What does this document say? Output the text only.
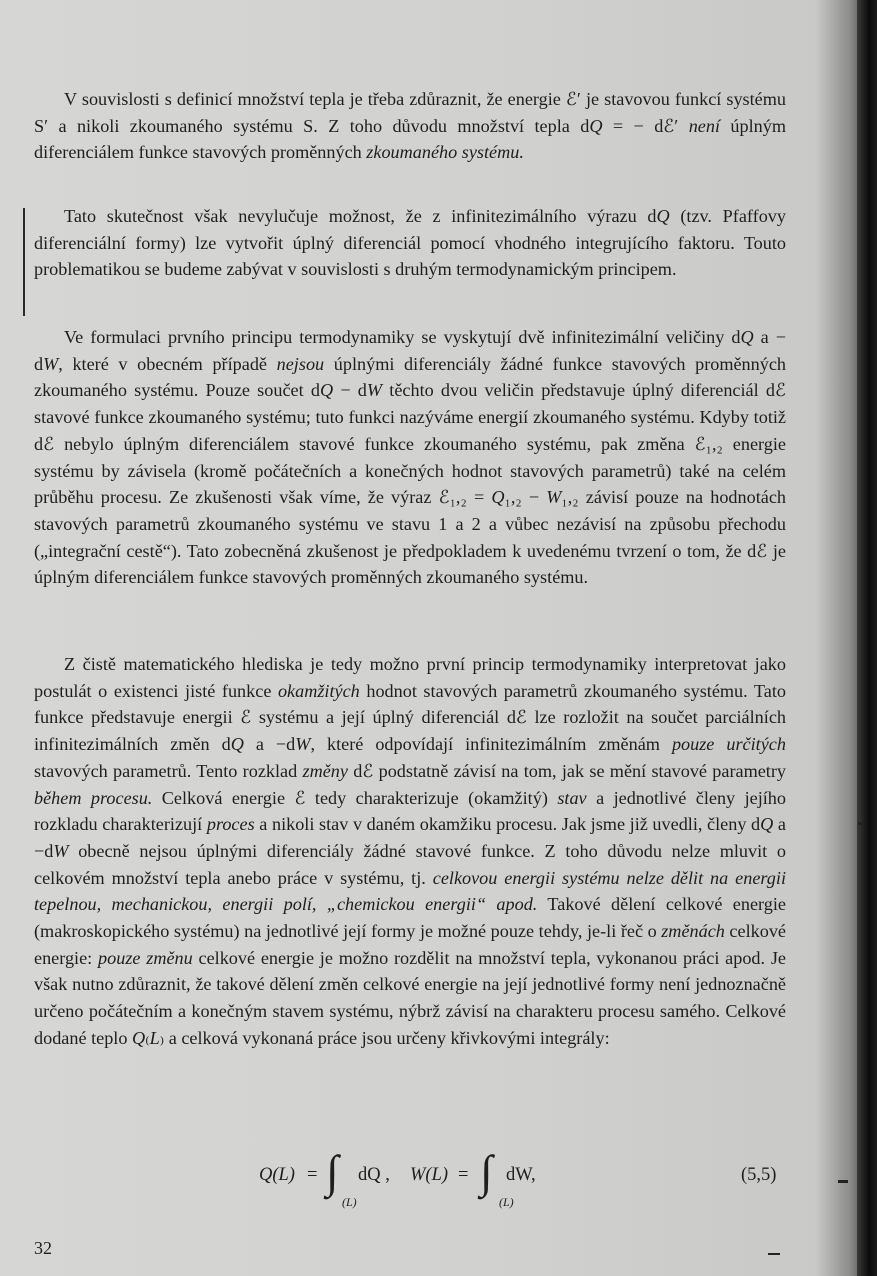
V souvislosti s definicí množství tepla je třeba zdůraznit, že energie ℰ′ je stavovou funkcí systému S′ a nikoli zkoumaného systému S. Z toho důvodu množství tepla dQ = − dℰ′ není úplným diferenciálem funkce stavových proměnných zkoumaného systému.

Tato skutečnost však nevylučuje možnost, že z infinitezimálního výrazu dQ (tzv. Pfaffovy diferenciální formy) lze vytvořit úplný diferenciál pomocí vhodného integrujícího faktoru. Touto problematikou se budeme zabývat v souvislosti s druhým termodynamickým principem.

Ve formulaci prvního principu termodynamiky se vyskytují dvě infinitezimální veličiny dQ a − dW, které v obecném případě nejsou úplnými diferenciály žádné funkce stavových proměnných zkoumaného systému. Pouze součet dQ − dW těchto dvou veličin představuje úplný diferenciál dℰ stavové funkce zkoumaného systému; tuto funkci nazýváme energií zkoumaného systému. Kdyby totiž dℰ nebylo úplným diferenciálem stavové funkce zkoumaného systému, pak změna ℰ₁,₂ energie systému by závisela (kromě počátečních a konečných hodnot stavových parametrů) také na celém průběhu procesu. Ze zkušenosti však víme, že výraz ℰ₁,₂ = Q₁,₂ − W₁,₂ závisí pouze na hodnotách stavových parametrů zkoumaného systému ve stavu 1 a 2 a vůbec nezávisí na způsobu přechodu („integrační cestě“). Tato zobecněná zkušenost je předpokladem k uvedenému tvrzení o tom, že dℰ je úplným diferenciálem funkce stavových proměnných zkoumaného systému.

Z čistě matematického hlediska je tedy možno první princip termodynamiky interpretovat jako postulát o existenci jisté funkce okamžitých hodnot stavových parametrů zkoumaného systému. Tato funkce představuje energii ℰ systému a její úplný diferenciál dℰ lze rozložit na součet parciálních infinitezimálních změn dQ a −dW, které odpovídají infinitezimálním změnám pouze určitých stavových parametrů. Tento rozklad změny dℰ podstatně závisí na tom, jak se mění stavové parametry během procesu. Celková energie ℰ tedy charakterizuje (okamžitý) stav a jednotlivé členy jejího rozkladu charakterizují proces a nikoli stav v daném okamžiku procesu. Jak jsme již uvedli, členy dQ a −dW obecně nejsou úplnými diferenciály žádné stavové funkce. Z toho důvodu nelze mluvit o celkovém množství tepla anebo práce v systému, tj. celkovou energii systému nelze dělit na energii tepelnou, mechanickou, energii polí, „chemickou energii“ apod. Takové dělení celkové energie (makroskopického systému) na jednotlivé její formy je možné pouze tehdy, je-li řeč o změnách celkové energie: pouze změnu celkové energie je možno rozdělit na množství tepla, vykonanou práci apod. Je však nutno zdůraznit, že takové dělení změn celkové energie na její jednotlivé formy není jednoznačně určeno počátečním a konečným stavem systému, nýbrž závisí na charakteru procesu samého. Celkové dodané teplo Q₍L₎ a celková vykonaná práce jsou určeny křivkovými integrály:

Q(L) = ∫
(L)
dQ , W(L) = ∫
(L)
dW,	(5,5)
32
